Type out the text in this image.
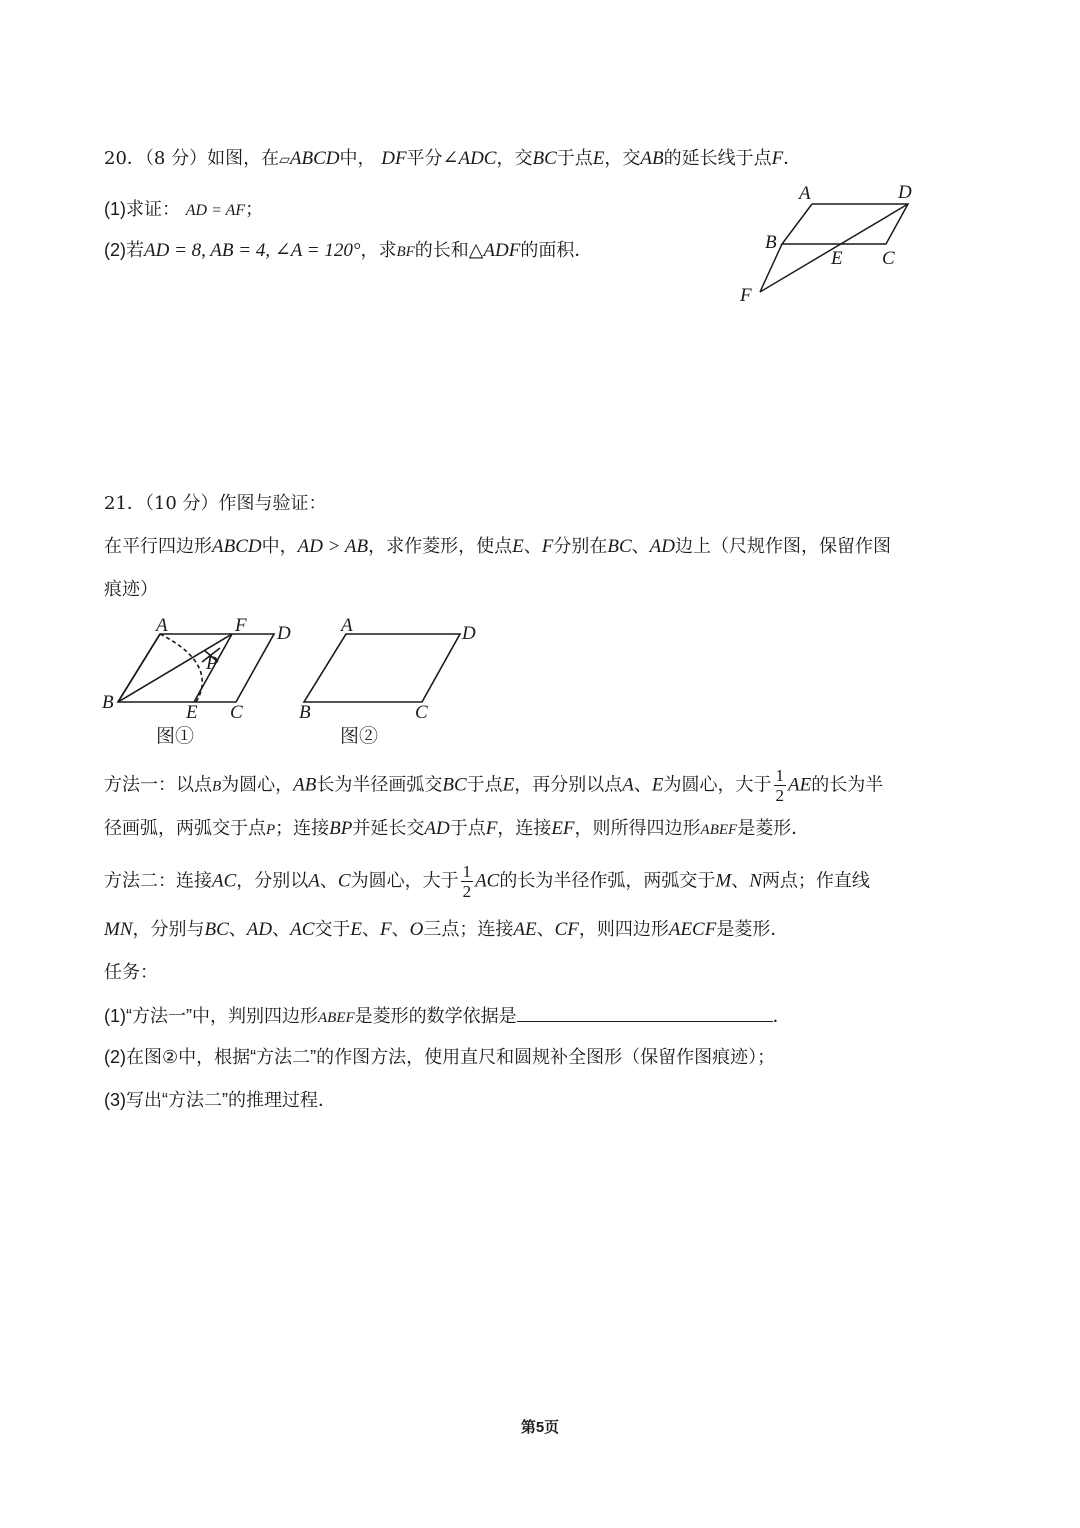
20．（8 分）如图，在▱ABCD中， DF平分∠ADC，交BC于点E，交AB的延长线于点F．
(1)求证： AD = AF；
(2)若AD = 8, AB = 4, ∠A = 120°，求BF的长和△ADF的面积．
A	D
B
E C
F
21．（10 分）作图与验证：
在平行四边形ABCD中，AD > AB，求作菱形，使点E、F分别在BC、AD边上（尺规作图，保留作图
痕迹）
A	F D
P
B	E C
图①
A	D
B	C
图②
方法一：以点B为圆心，AB长为半径画弧交BC于点E，再分别以点A、E为圆心，大于 $\frac{1}{2}$ AE的长为半
径画弧，两弧交于点P；连接BP并延长交AD于点F，连接EF，则所得四边形ABEF是菱形．
方法二：连接AC，分别以A、C为圆心，大于 $\frac{1}{2}$ AC的长为半径作弧，两弧交于M、N两点；作直线
MN，分别与BC、AD、AC交于E、F、O三点；连接AE、CF，则四边形AECF是菱形．
任务：
(1)“方法一”中，判别四边形ABEF是菱形的数学依据是	．
(2)在图②中，根据“方法二”的作图方法，使用直尺和圆规补全图形（保留作图痕迹）；
(3)写出“方法二”的推理过程．
第5页
